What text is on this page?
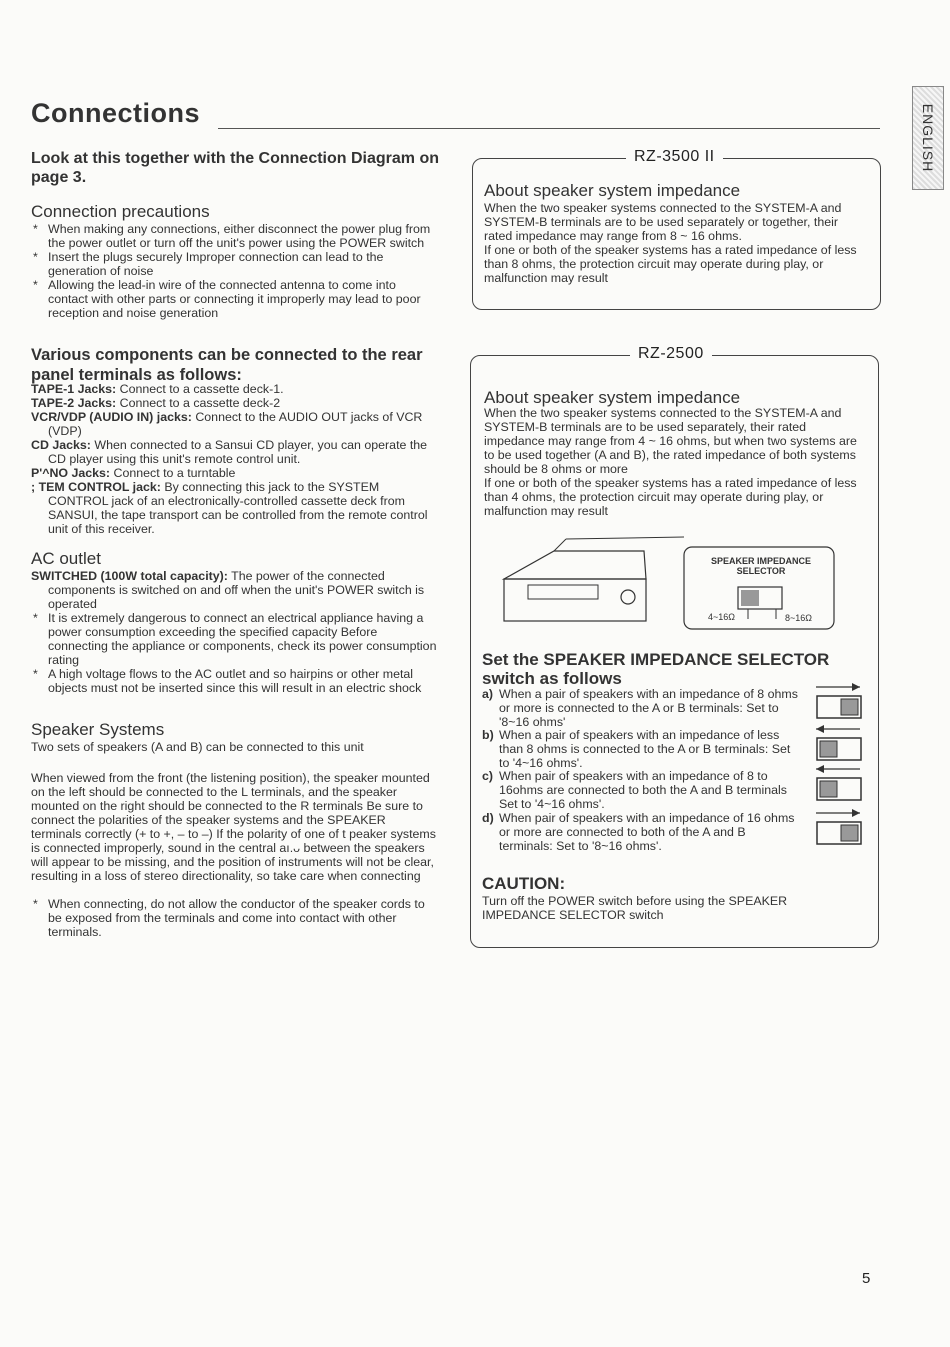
Connections	ENGLISH
Look at this together with the Connection Diagram on page 3.
Connection precautions
* When making any connections, either disconnect the power plug from the power outlet or turn off the unit's power using the POWER switch
* Insert the plugs securely Improper connection can lead to the generation of noise
* Allowing the lead-in wire of the connected antenna to come into contact with other parts or connecting it improperly may lead to poor reception and noise generation
Various components can be connected to the rear panel terminals as follows:
TAPE-1 Jacks: Connect to a cassette deck-1.
TAPE-2 Jacks: Connect to a cassette deck-2
VCR/VDP (AUDIO IN) jacks: Connect to the AUDIO OUT jacks of VCR (VDP)
CD Jacks: When connected to a Sansui CD player, you can operate the CD player using this unit's remote control unit.
P'^NO Jacks: Connect to a turntable
; TEM CONTROL jack: By connecting this jack to the SYSTEM CONTROL jack of an electronically-controlled cassette deck from SANSUI, the tape transport can be controlled from the remote control unit of this receiver.
AC outlet
SWITCHED (100W total capacity): The power of the connected components is switched on and off when the unit's POWER switch is operated
* It is extremely dangerous to connect an electrical appliance having a power consumption exceeding the specified capacity Before connecting the appliance or components, check its power consumption rating
* A high voltage flows to the AC outlet and so hairpins or other metal objects must not be inserted since this will result in an electric shock
Speaker Systems
Two sets of speakers (A and B) can be connected to this unit
When viewed from the front (the listening position), the speaker mounted on the left should be connected to the L terminals, and the speaker mounted on the right should be connected to the R terminals Be sure to connect the polarities of the speaker systems and the SPEAKER terminals correctly (+ to +, – to –) If the polarity of one of t peaker systems is connected improperly, sound in the central aı.ᴗ between the speakers will appear to be missing, and the position of instruments will not be clear, resulting in a loss of stereo directionality, so take care when connecting
* When connecting, do not allow the conductor of the speaker cords to be exposed from the terminals and come into contact with other terminals.
RZ-3500 II
About speaker system impedance
When the two speaker systems connected to the SYSTEM-A and SYSTEM-B terminals are to be used separately or together, their rated impedance may range from 8 ~ 16 ohms.
If one or both of the speaker systems has a rated impedance of less than 8 ohms, the protection circuit may operate during play, or malfunction may result
RZ-2500
About speaker system impedance
When the two speaker systems connected to the SYSTEM-A and SYSTEM-B terminals are to be used separately, their rated impedance may range from 4 ~ 16 ohms, but when two systems are to be used together (A and B), the rated impedance of both systems should be 8 ohms or more
If one or both of the speaker systems has a rated impedance of less than 4 ohms, the protection circuit may operate during play, or malfunction may result
SPEAKER IMPEDANCE SELECTOR
4~16Ω	8~16Ω
Set the SPEAKER IMPEDANCE SELECTOR switch as follows
a) When a pair of speakers with an impedance of 8 ohms or more is connected to the A or B terminals: Set to '8~16 ohms'
b) When a pair of speakers with an impedance of less than 8 ohms is connected to the A or B terminals: Set to '4~16 ohms'.
c) When pair of speakers with an impedance of 8 to 16ohms are connected to both the A and B terminals Set to '4~16 ohms'.
d) When pair of speakers with an impedance of 16 ohms or more are connected to both of the A and B terminals: Set to '8~16 ohms'.
CAUTION:
Turn off the POWER switch before using the SPEAKER IMPEDANCE SELECTOR switch
5
